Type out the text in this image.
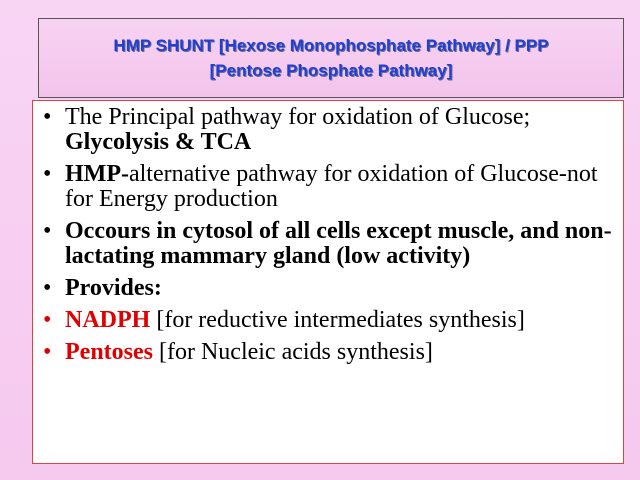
HMP SHUNT [Hexose Monophosphate Pathway] / PPP
[Pentose Phosphate Pathway]
• The Principal pathway for oxidation of Glucose;
Glycolysis & TCA
• HMP-alternative pathway for oxidation of Glucose-not for Energy production
• Occours in cytosol of all cells except muscle, and non-lactating mammary gland (low activity)
• Provides:
• NADPH [for reductive intermediates synthesis]
• Pentoses [for Nucleic acids synthesis]
